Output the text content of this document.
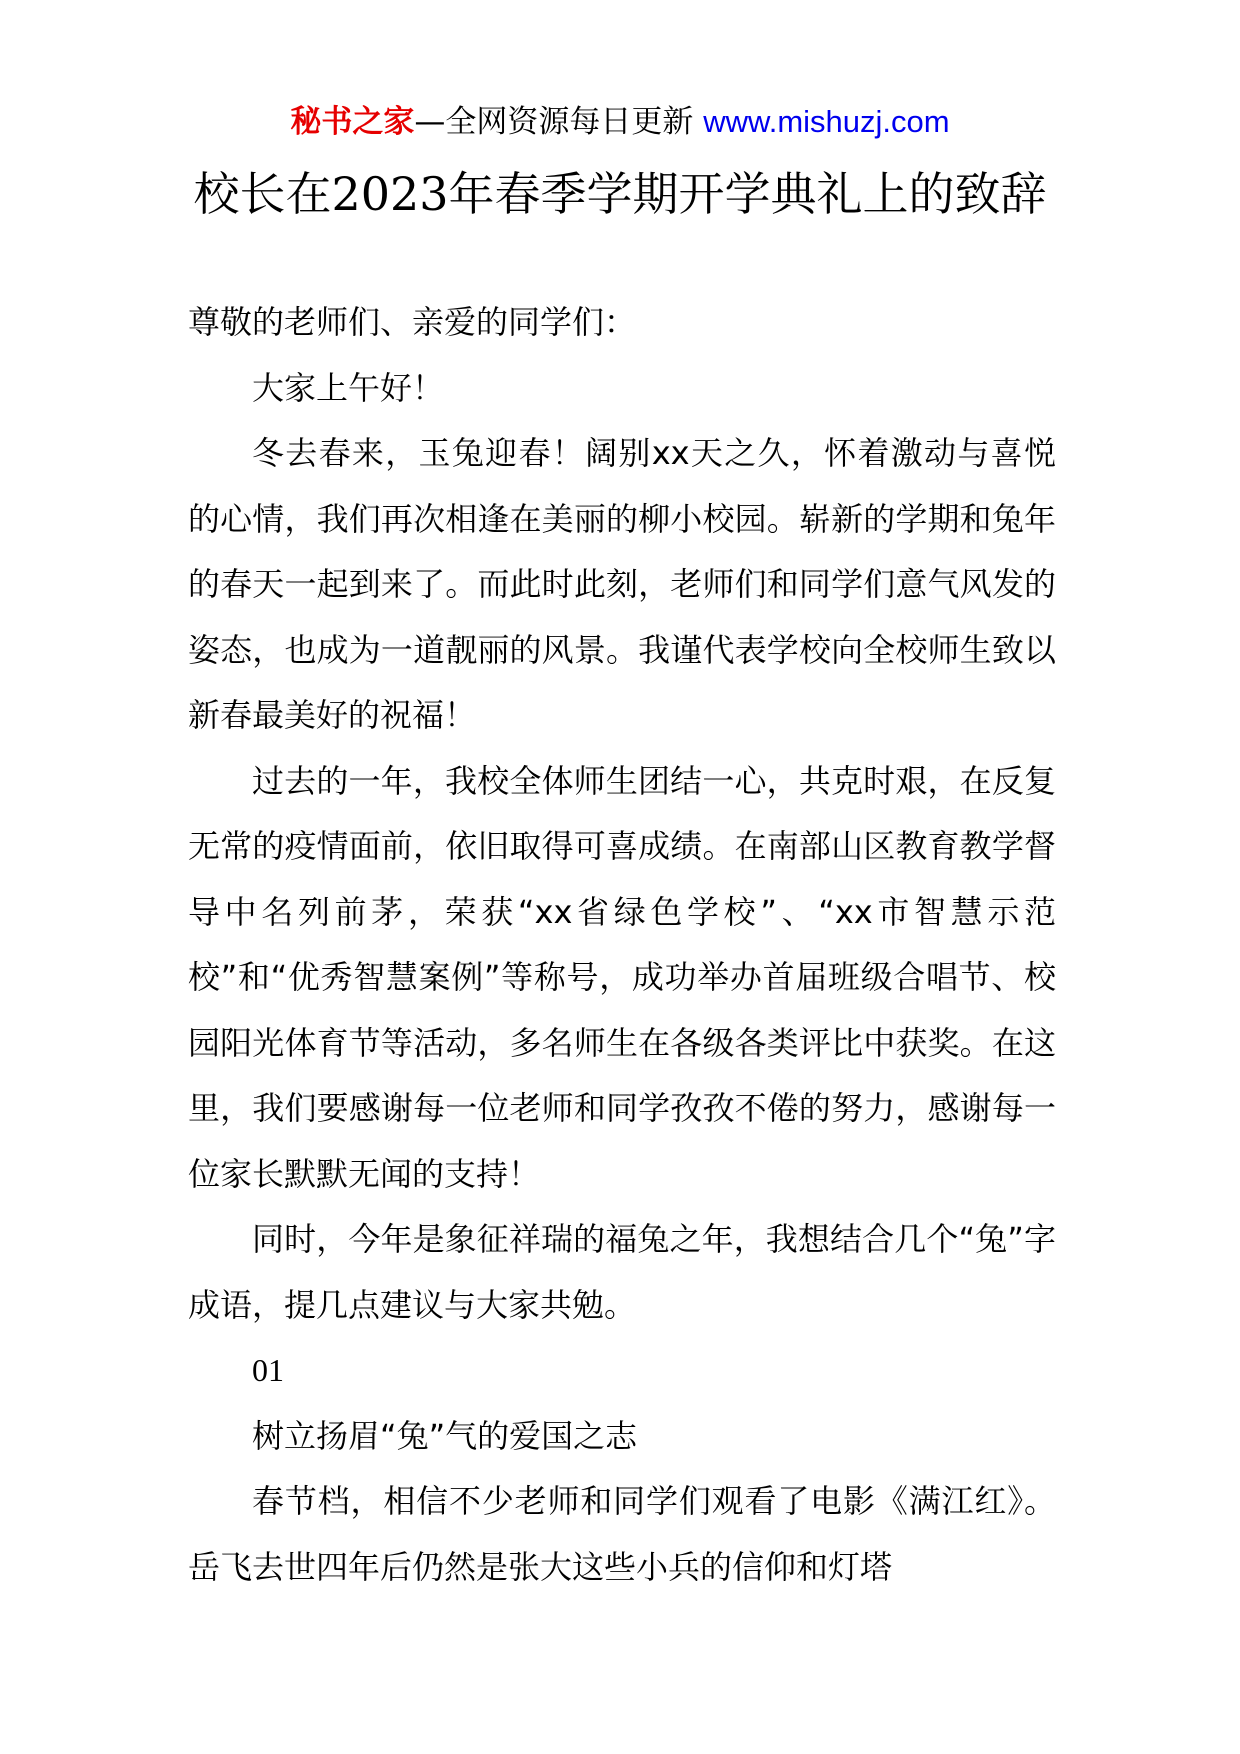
秘书之家—全网资源每日更新 www.mishuzj.com
校长在2023年春季学期开学典礼上的致辞

尊敬的老师们、亲爱的同学们：

大家上午好！

冬去春来，玉兔迎春！阔别xx天之久，怀着激动与喜悦的心情，我们再次相逢在美丽的柳小校园。崭新的学期和兔年的春天一起到来了。而此时此刻，老师们和同学们意气风发的姿态，也成为一道靓丽的风景。我谨代表学校向全校师生致以新春最美好的祝福！

过去的一年，我校全体师生团结一心，共克时艰，在反复无常的疫情面前，依旧取得可喜成绩。在南部山区教育教学督导中名列前茅，荣获“xx省绿色学校”、“xx市智慧示范校”和“优秀智慧案例”等称号，成功举办首届班级合唱节、校园阳光体育节等活动，多名师生在各级各类评比中获奖。在这里，我们要感谢每一位老师和同学孜孜不倦的努力，感谢每一位家长默默无闻的支持！

同时，今年是象征祥瑞的福兔之年，我想结合几个“兔”字成语，提几点建议与大家共勉。

01

树立扬眉“兔”气的爱国之志

春节档，相信不少老师和同学们观看了电影《满江红》。岳飞去世四年后仍然是张大这些小兵的信仰和灯塔
